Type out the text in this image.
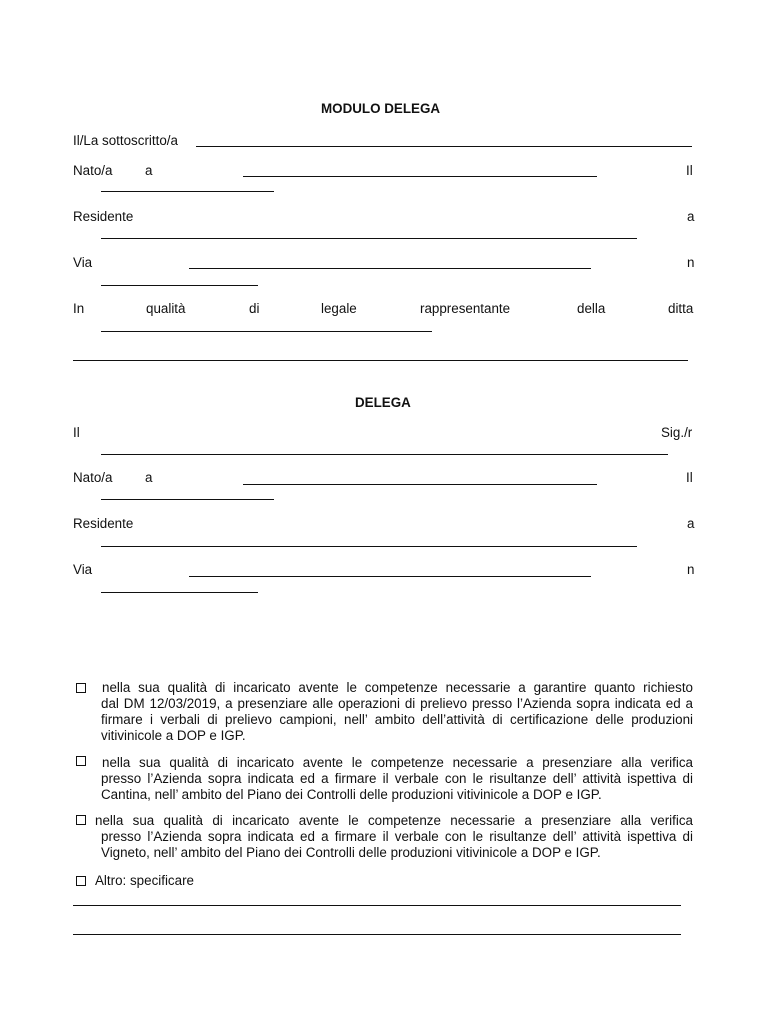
MODULO DELEGA
Il/La sottoscritto/a
Nato/a a	Il
Residente	a
Via	n
In	qualità	di	legale	rappresentante	della	ditta
DELEGA
Il	Sig./r
Nato/a a	Il
Residente	a
Via	n
nella sua qualità di incaricato avente le competenze necessarie a garantire quanto richiesto
dal DM 12/03/2019, a presenziare alle operazioni di prelievo presso l’Azienda sopra indicata ed a firmare i verbali di prelievo campioni, nell’ ambito dell’attività di certificazione delle produzioni vitivinicole a DOP e IGP.
nella sua qualità di incaricato avente le competenze necessarie a presenziare alla verifica
presso l’Azienda sopra indicata ed a firmare il verbale con le risultanze dell’ attività ispettiva di Cantina, nell’ ambito del Piano dei Controlli delle produzioni vitivinicole a DOP e IGP.
nella sua qualità di incaricato avente le competenze necessarie a presenziare alla verifica
presso l’Azienda sopra indicata ed a firmare il verbale con le risultanze dell’ attività ispettiva di Vigneto, nell’ ambito del Piano dei Controlli delle produzioni vitivinicole a DOP e IGP.
Altro: specificare
